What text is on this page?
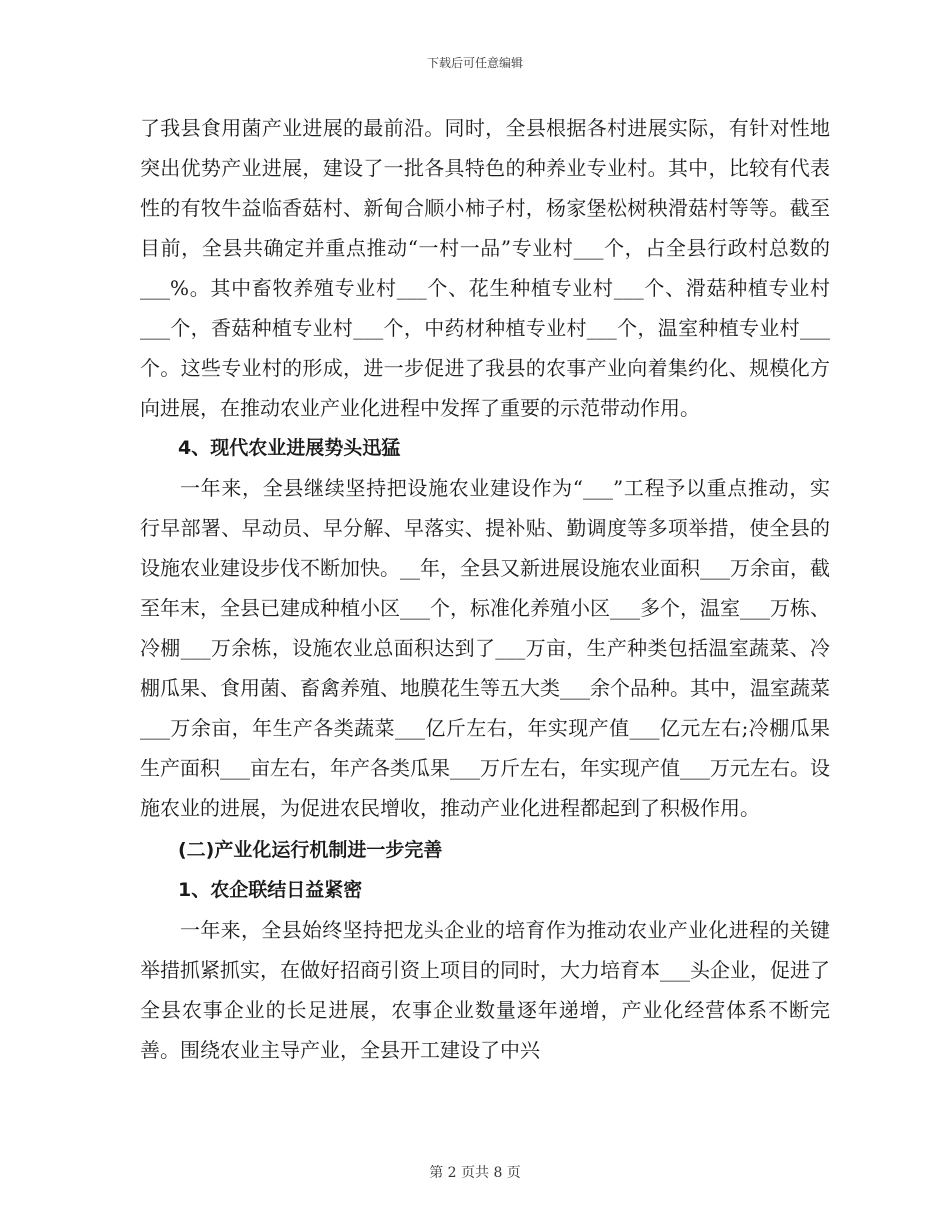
下载后可任意编辑

了我县食用菌产业进展的最前沿。同时，全县根据各村进展实际，有针对性地突出优势产业进展，建设了一批各具特色的种养业专业村。其中，比较有代表性的有牧牛益临香菇村、新甸合顺小柿子村，杨家堡松树秧滑菇村等等。截至目前，全县共确定并重点推动“一村一品”专业村___个，占全县行政村总数的___%。其中畜牧养殖专业村___个、花生种植专业村___个、滑菇种植专业村___个，香菇种植专业村___个，中药材种植专业村___个，温室种植专业村___个。这些专业村的形成，进一步促进了我县的农事产业向着集约化、规模化方向进展，在推动农业产业化进程中发挥了重要的示范带动作用。

4、现代农业进展势头迅猛

一年来，全县继续坚持把设施农业建设作为“___”工程予以重点推动，实行早部署、早动员、早分解、早落实、提补贴、勤调度等多项举措，使全县的设施农业建设步伐不断加快。__年，全县又新进展设施农业面积___万余亩，截至年末，全县已建成种植小区___个，标准化养殖小区___多个，温室___万栋、冷棚___万余栋，设施农业总面积达到了___万亩，生产种类包括温室蔬菜、冷棚瓜果、食用菌、畜禽养殖、地膜花生等五大类___余个品种。其中，温室蔬菜___万余亩，年生产各类蔬菜___亿斤左右，年实现产值___亿元左右;冷棚瓜果生产面积___亩左右，年产各类瓜果___万斤左右，年实现产值___万元左右。设施农业的进展，为促进农民增收，推动产业化进程都起到了积极作用。

(二)产业化运行机制进一步完善

1、农企联结日益紧密

一年来，全县始终坚持把龙头企业的培育作为推动农业产业化进程的关键举措抓紧抓实，在做好招商引资上项目的同时，大力培育本___头企业，促进了全县农事企业的长足进展，农事企业数量逐年递增，产业化经营体系不断完善。围绕农业主导产业，全县开工建设了中兴

第 2 页共 8 页
